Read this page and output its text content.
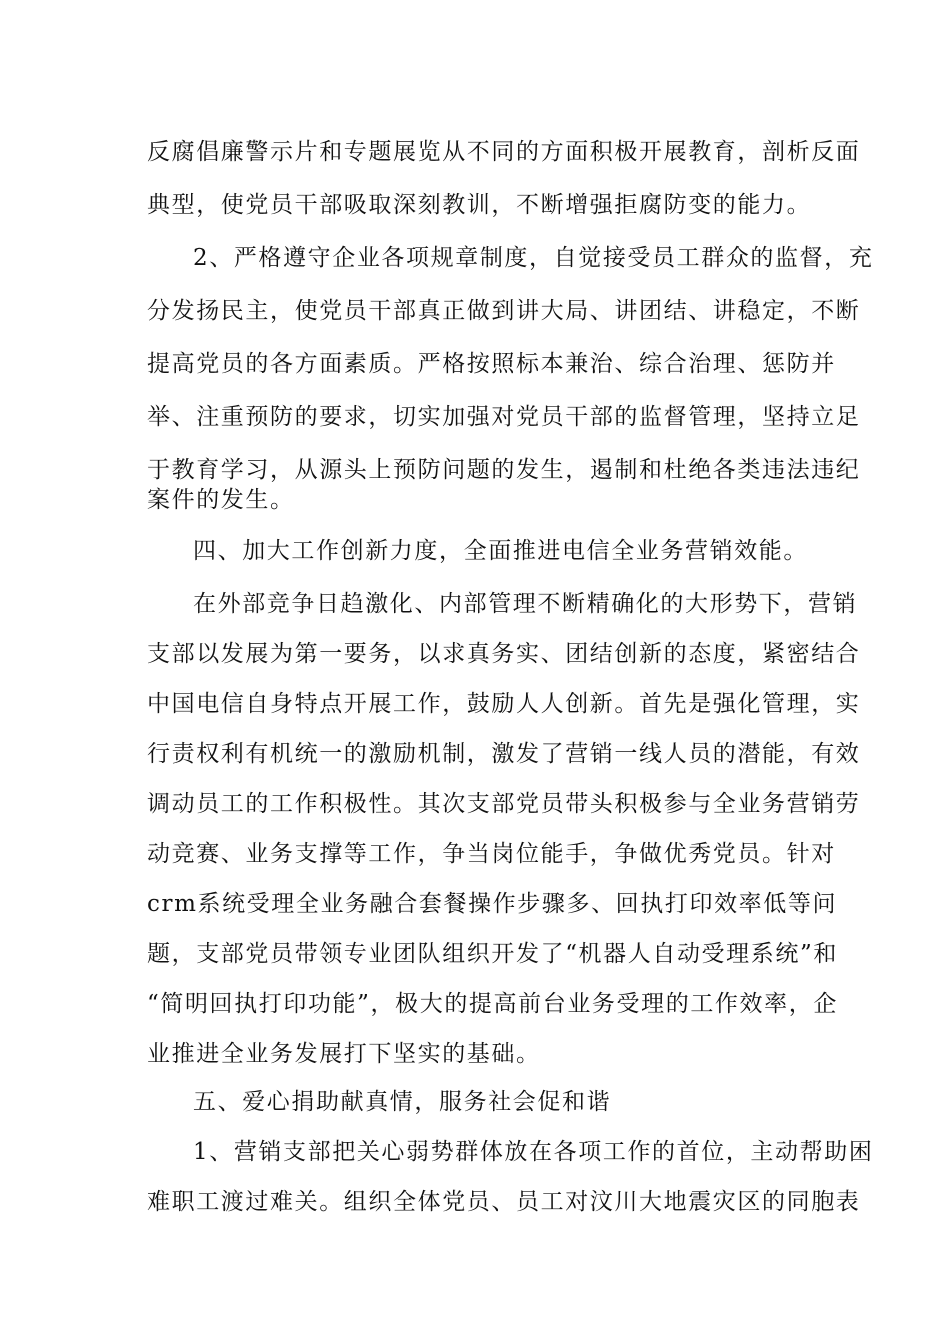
反腐倡廉警示片和专题展览从不同的方面积极开展教育，剖析反面
典型，使党员干部吸取深刻教训，不断增强拒腐防变的能力。
2、严格遵守企业各项规章制度，自觉接受员工群众的监督，充
分发扬民主，使党员干部真正做到讲大局、讲团结、讲稳定，不断
提高党员的各方面素质。严格按照标本兼治、综合治理、惩防并
举、注重预防的要求，切实加强对党员干部的监督管理，坚持立足
于教育学习，从源头上预防问题的发生，遏制和杜绝各类违法违纪
案件的发生。
四、加大工作创新力度，全面推进电信全业务营销效能。
在外部竞争日趋激化、内部管理不断精确化的大形势下，营销
支部以发展为第一要务，以求真务实、团结创新的态度，紧密结合
中国电信自身特点开展工作，鼓励人人创新。首先是强化管理，实
行责权利有机统一的激励机制，激发了营销一线人员的潜能，有效
调动员工的工作积极性。其次支部党员带头积极参与全业务营销劳
动竞赛、业务支撑等工作，争当岗位能手，争做优秀党员。针对
crm系统受理全业务融合套餐操作步骤多、回执打印效率低等问
题，支部党员带领专业团队组织开发了“机器人自动受理系统”和
“简明回执打印功能”，极大的提高前台业务受理的工作效率，企
业推进全业务发展打下坚实的基础。
五、爱心捐助献真情，服务社会促和谐
1、营销支部把关心弱势群体放在各项工作的首位，主动帮助困
难职工渡过难关。组织全体党员、员工对汶川大地震灾区的同胞表
